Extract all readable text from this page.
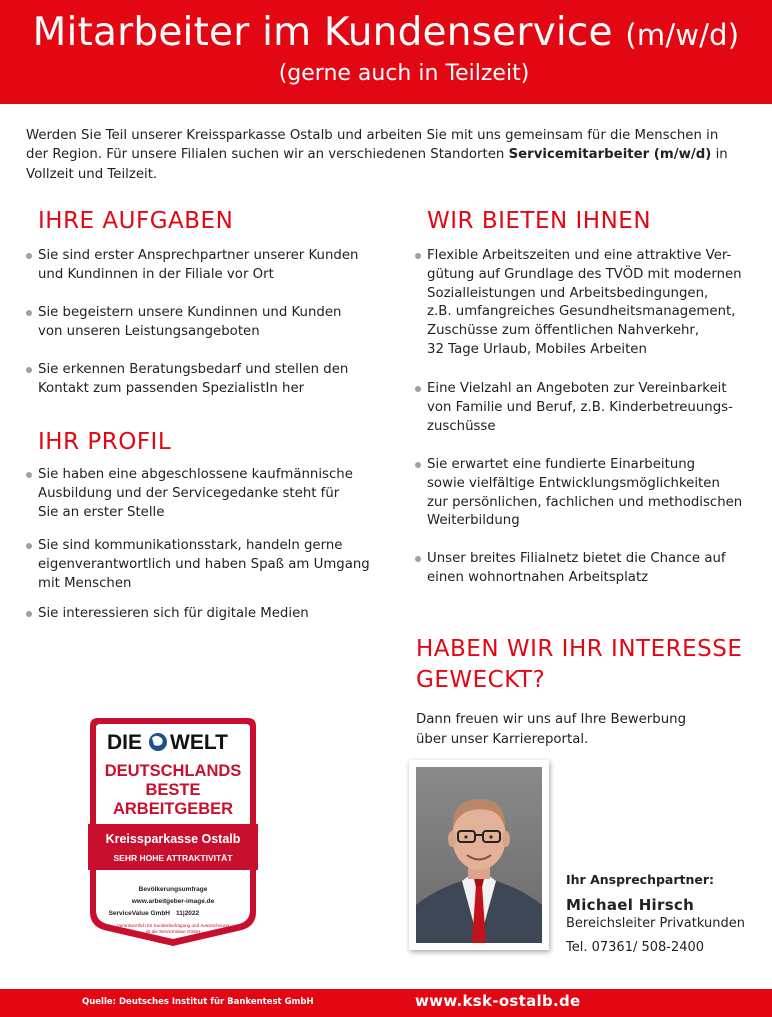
Mitarbeiter im Kundenservice (m/w/d)
(gerne auch in Teilzeit)

Werden Sie Teil unserer Kreissparkasse Ostalb und arbeiten Sie mit uns gemeinsam für die Menschen in der Region. Für unsere Filialen suchen wir an verschiedenen Standorten Servicemitarbeiter (m/w/d) in Vollzeit und Teilzeit.

IHRE AUFGABEN
Sie sind erster Ansprechpartner unserer Kunden
und Kundinnen in der Filiale vor Ort
Sie begeistern unsere Kundinnen und Kunden
von unseren Leistungsangeboten
Sie erkennen Beratungsbedarf und stellen den
Kontakt zum passenden SpezialistIn her
IHR PROFIL
Sie haben eine abgeschlossene kaufmännische
Ausbildung und der Servicegedanke steht für
Sie an erster Stelle
Sie sind kommunikationsstark, handeln gerne
eigenverantwortlich und haben Spaß am Umgang
mit Menschen
Sie interessieren sich für digitale Medien
WIR BIETEN IHNEN
Flexible Arbeitszeiten und eine attraktive Ver-
gütung auf Grundlage des TVÖD mit modernen
Sozialleistungen und Arbeitsbedingungen,
z.B. umfangreiches Gesundheitsmanagement,
Zuschüsse zum öffentlichen Nahverkehr,
32 Tage Urlaub, Mobiles Arbeiten
Eine Vielzahl an Angeboten zur Vereinbarkeit
von Familie und Beruf, z.B. Kinderbetreuungs-
zuschüsse
Sie erwartet eine fundierte Einarbeitung
sowie vielfältige Entwicklungsmöglichkeiten
zur persönlichen, fachlichen und methodischen
Weiterbildung
Unser breites Filialnetz bietet die Chance auf
einen wohnortnahen Arbeitsplatz
HABEN WIR IHR INTERESSE
GEWECKT?
Dann freuen wir uns auf Ihre Bewerbung
über unser Karriereportal.
Ihr Ansprechpartner:
Michael Hirsch
Bereichsleiter Privatkunden
Tel. 07361/ 508-2400
DIE WELT
DEUTSCHLANDS
BESTE
ARBEITGEBER
Kreissparkasse Ostalb
SEHR HOHE ATTRAKTIVITÄT
Bevölkerungsumfrage
www.arbeitgeber-image.de
ServiceValue GmbH 11|2022
Verantwortlich für Kundenbefragung und Auszeichnung
ist die ServiceValue GmbH
Quelle: Deutsches Institut für Bankentest GmbH	www.ksk-ostalb.de
